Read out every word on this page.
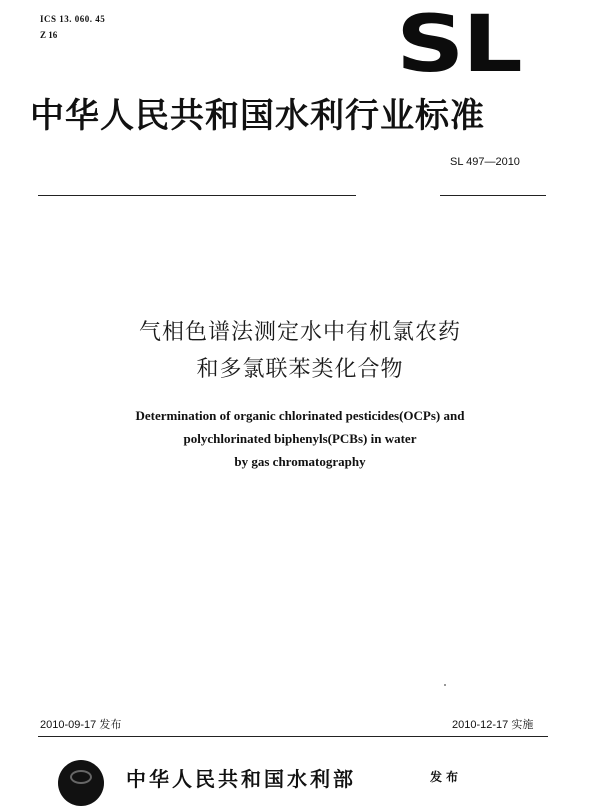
ICS 13. 060. 45
Z 16	SL
中华人民共和国水利行业标准
SL 497—2010
气相色谱法测定水中有机氯农药
和多氯联苯类化合物
Determination of organic chlorinated pesticides(OCPs) and
polychlorinated biphenyls(PCBs) in water
by gas chromatography
2010-09-17 发布	2010-12-17 实施
中华人民共和国水利部	发布
